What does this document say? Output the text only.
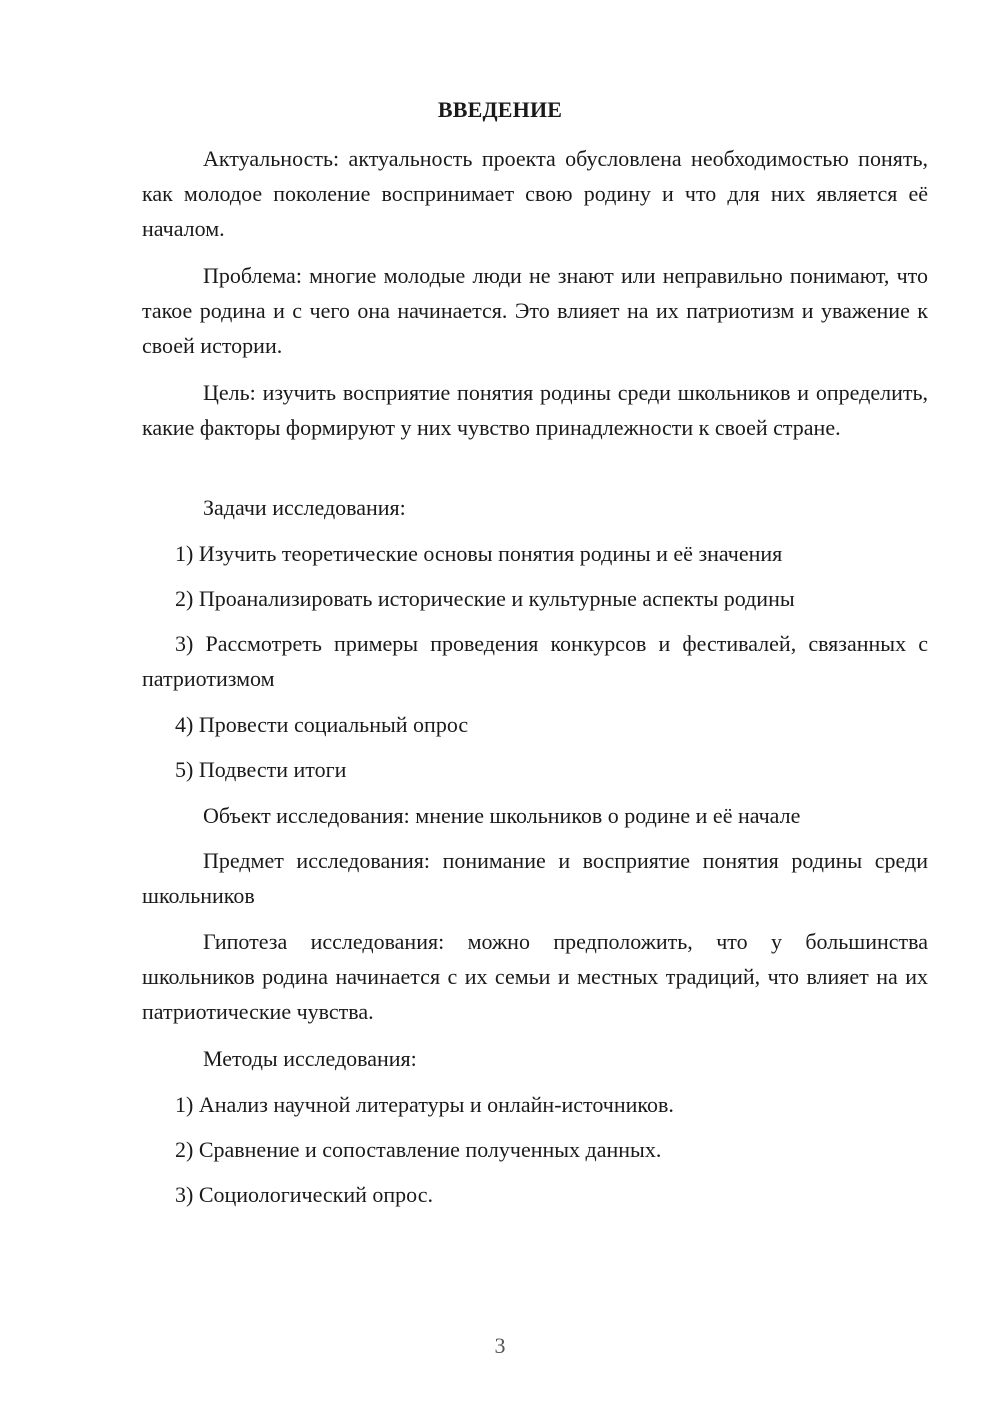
ВВЕДЕНИЕ

Актуальность: актуальность проекта обусловлена необходимостью понять, как молодое поколение воспринимает свою родину и что для них является её началом.

Проблема: многие молодые люди не знают или неправильно понимают, что такое родина и с чего она начинается. Это влияет на их патриотизм и уважение к своей истории.

Цель: изучить восприятие понятия родины среди школьников и определить, какие факторы формируют у них чувство принадлежности к своей стране.

Задачи исследования:

1) Изучить теоретические основы понятия родины и её значения

2) Проанализировать исторические и культурные аспекты родины

3) Рассмотреть примеры проведения конкурсов и фестивалей, связанных с патриотизмом

4) Провести социальный опрос

5) Подвести итоги

Объект исследования: мнение школьников о родине и её начале

Предмет исследования: понимание и восприятие понятия родины среди школьников

Гипотеза исследования: можно предположить, что у большинства школьников родина начинается с их семьи и местных традиций, что влияет на их патриотические чувства.

Методы исследования:

1) Анализ научной литературы и онлайн-источников.

2) Сравнение и сопоставление полученных данных.

3) Социологический опрос.

3
